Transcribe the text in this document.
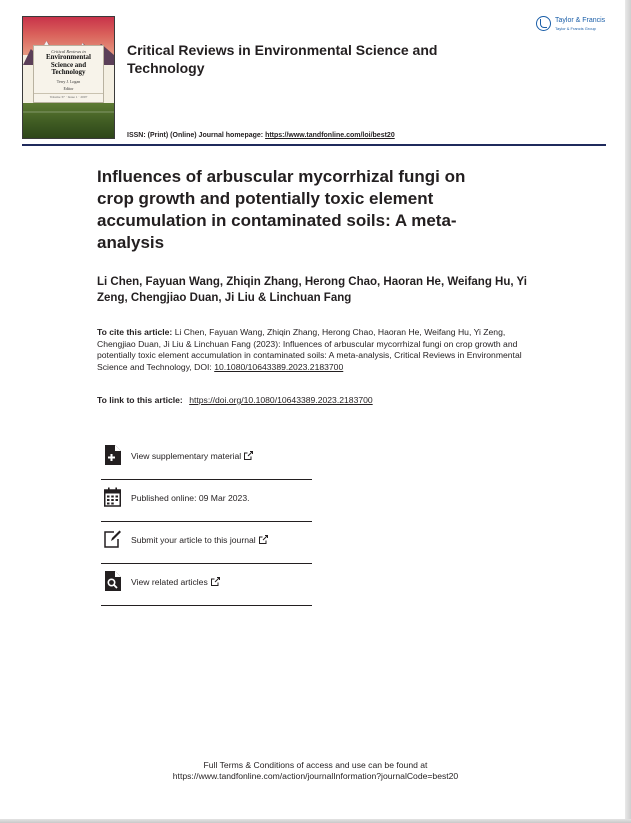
Critical Reviews in
Environmental
Science and
Technology
Terry J. Logan
Editor
Volume 37 · Issue 1 · 2007
Critical Reviews in Environmental Science and Technology
Taylor & Francis
Taylor & Francis Group
ISSN: (Print) (Online) Journal homepage: https://www.tandfonline.com/loi/best20
Influences of arbuscular mycorrhizal fungi on crop growth and potentially toxic element accumulation in contaminated soils: A meta-analysis
Li Chen, Fayuan Wang, Zhiqin Zhang, Herong Chao, Haoran He, Weifang Hu, Yi Zeng, Chengjiao Duan, Ji Liu & Linchuan Fang
To cite this article: Li Chen, Fayuan Wang, Zhiqin Zhang, Herong Chao, Haoran He, Weifang Hu, Yi Zeng, Chengjiao Duan, Ji Liu & Linchuan Fang (2023): Influences of arbuscular mycorrhizal fungi on crop growth and potentially toxic element accumulation in contaminated soils: A meta-analysis, Critical Reviews in Environmental Science and Technology, DOI: 10.1080/10643389.2023.2183700
To link to this article: https://doi.org/10.1080/10643389.2023.2183700
View supplementary material
Published online: 09 Mar 2023.
Submit your article to this journal
View related articles
Full Terms & Conditions of access and use can be found at
https://www.tandfonline.com/action/journalInformation?journalCode=best20
